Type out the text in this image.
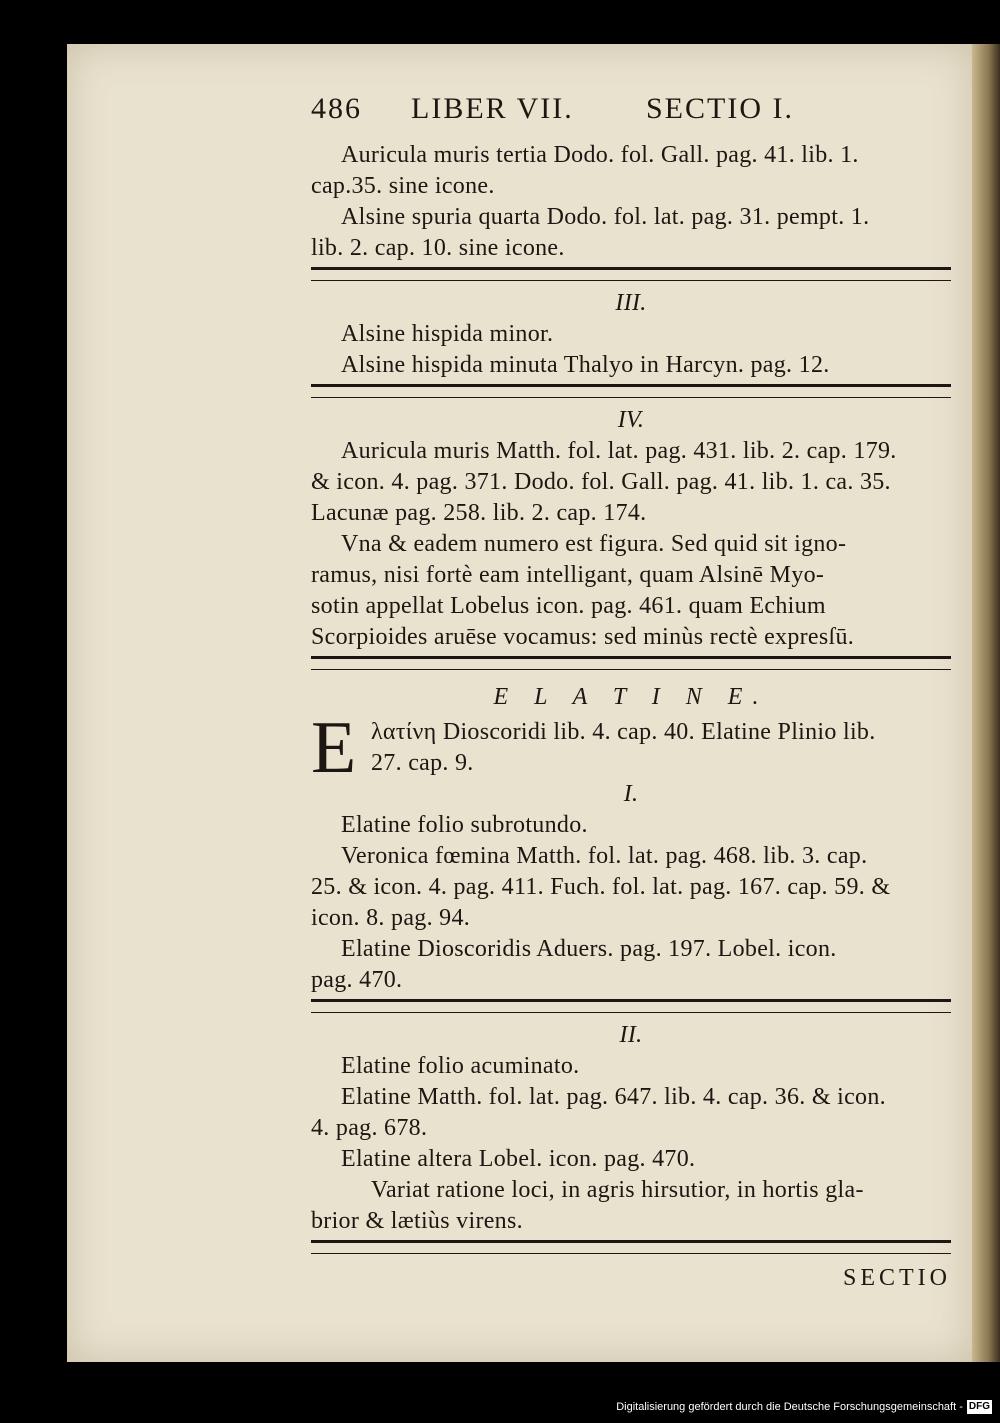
486	LIBER VII.	SECTIO I.
Auricula muris tertia Dodo. fol. Gall. pag. 41. lib. 1.
cap.35. sine icone.
Alsine spuria quarta Dodo. fol. lat. pag. 31. pempt. 1.
lib. 2. cap. 10. sine icone.
III.
Alsine hispida minor.
Alsine hispida minuta Thalyo in Harcyn. pag. 12.
IV.
Auricula muris Matth. fol. lat. pag. 431. lib. 2. cap. 179.
& icon. 4. pag. 371. Dodo. fol. Gall. pag. 41. lib. 1. ca. 35.
Lacunæ pag. 258. lib. 2. cap. 174.
Vna & eadem numero est figura. Sed quid sit igno-
ramus, nisi fortè eam intelligant, quam Alsinē Myo-
sotin appellat Lobelus icon. pag. 461. quam Echium
Scorpioides aruēse vocamus: sed minùs rectè expresſū.
E L A T I N E.
E λατίνη Dioscoridi lib. 4. cap. 40. Elatine Plinio lib.
27. cap. 9.
I.
Elatine folio subrotundo.
Veronica fœmina Matth. fol. lat. pag. 468. lib. 3. cap.
25. & icon. 4. pag. 411. Fuch. fol. lat. pag. 167. cap. 59. &
icon. 8. pag. 94.
Elatine Dioscoridis Aduers. pag. 197. Lobel. icon.
pag. 470.
II.
Elatine folio acuminato.
Elatine Matth. fol. lat. pag. 647. lib. 4. cap. 36. & icon.
4. pag. 678.
Elatine altera Lobel. icon. pag. 470.
Variat ratione loci, in agris hirsutior, in hortis gla-
brior & lætiùs virens.
SECTIO
Digitalisierung gefördert durch die Deutsche Forschungsgemeinschaft - DFG
